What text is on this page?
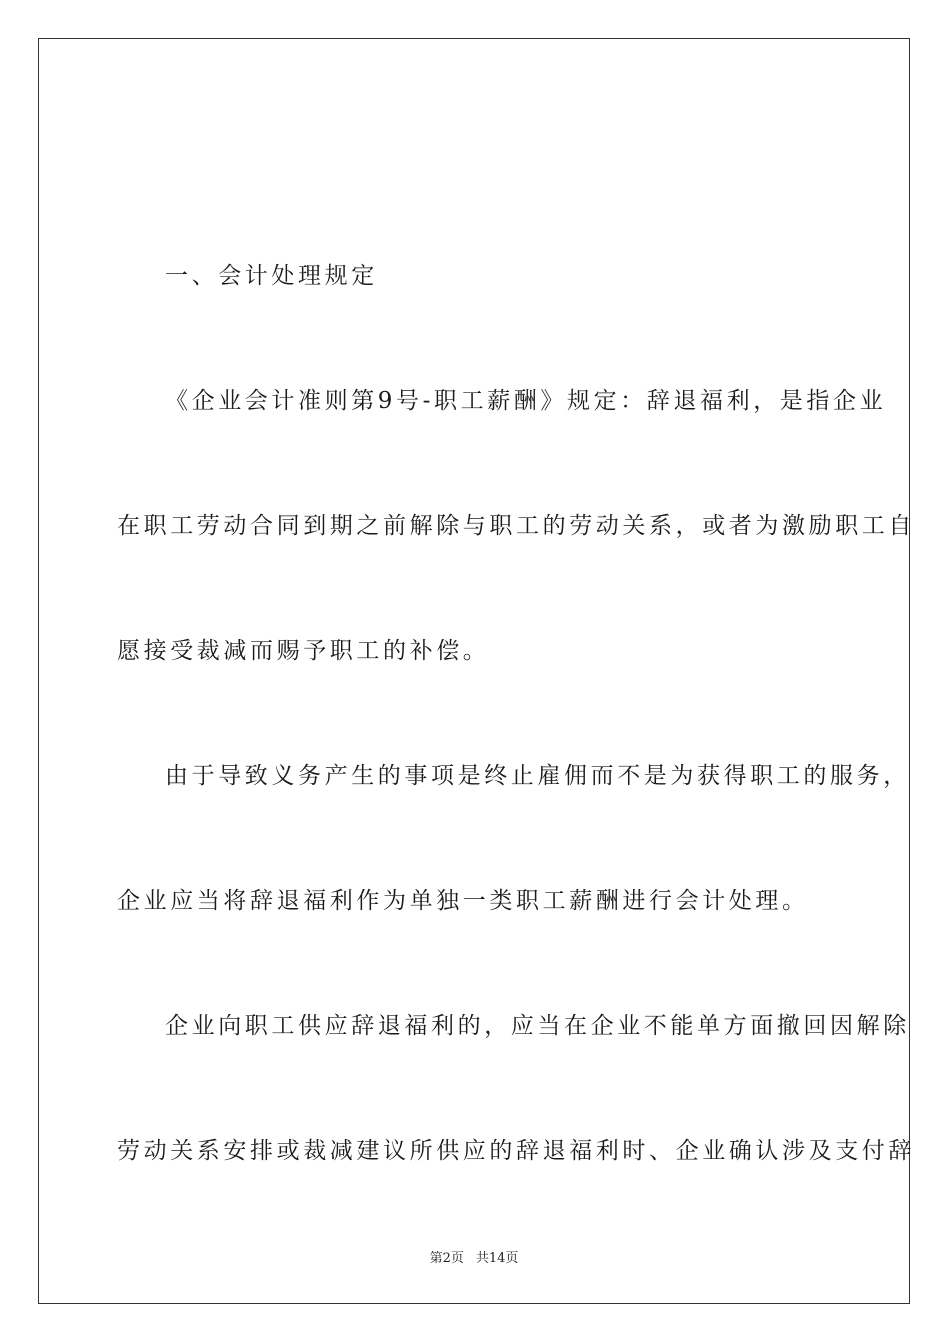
一、会计处理规定
《企业会计准则第9号-职工薪酬》规定：辞退福利，是指企业
在职工劳动合同到期之前解除与职工的劳动关系，或者为激励职工自
愿接受裁减而赐予职工的补偿。
由于导致义务产生的事项是终止雇佣而不是为获得职工的服务，
企业应当将辞退福利作为单独一类职工薪酬进行会计处理。
企业向职工供应辞退福利的，应当在企业不能单方面撤回因解除
劳动关系安排或裁减建议所供应的辞退福利时、企业确认涉及支付辞
第2页 共14页
